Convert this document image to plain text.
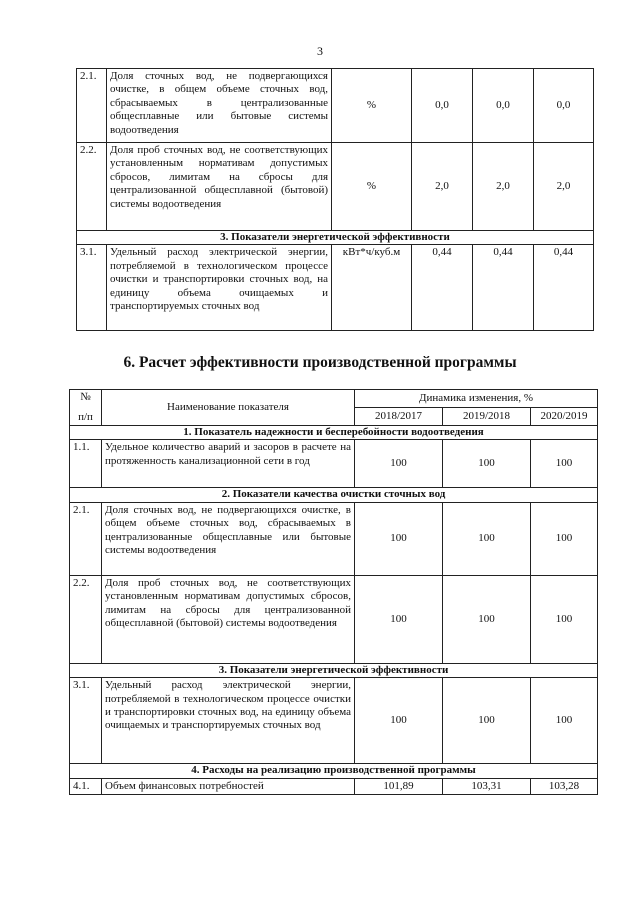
3
2.1.	Доля сточных вод, не подвергающихся очистке, в общем объеме сточных вод, сбрасываемых в централизованные общесплавные или бытовые системы водоотведения	%	0,0	0,0	0,0
2.2.	Доля проб сточных вод, не соответствующих установленным нормативам допустимых сбросов, лимитам на сбросы для централизованной общесплавной (бытовой) системы водоотведения	%	2,0	2,0	2,0
3. Показатели энергетической эффективности					
3.1.	Удельный расход электрической энергии, потребляемой в технологическом процессе очистки и транспортировки сточных вод, на единицу объема очищаемых и транспортируемых сточных вод	кВт*ч/куб.м	0,44	0,44	0,44
6. Расчет эффективности производственной программы
№
п/п	Наименование показателя	Динамика изменения, %		
		2018/2017	2019/2018	2020/2019
1. Показатель надежности и бесперебойности водоотведения				
1.1.	Удельное количество аварий и засоров в расчете на протяженность канализационной сети в год	100	100	100
2. Показатели качества очистки сточных вод				
2.1.	Доля сточных вод, не подвергающихся очистке, в общем объеме сточных вод, сбрасываемых в централизованные общесплавные или бытовые системы водоотведения	100	100	100
2.2.	Доля проб сточных вод, не соответствующих установленным нормативам допустимых сбросов, лимитам на сбросы для централизованной общесплавной (бытовой) системы водоотведения	100	100	100
3. Показатели энергетической эффективности				
3.1.	Удельный расход электрической энергии, потребляемой в технологическом процессе очистки и транспортировки сточных вод, на единицу объема очищаемых и транспортируемых сточных вод	100	100	100
4. Расходы на реализацию производственной программы				
4.1.	Объем финансовых потребностей	101,89	103,31	103,28
